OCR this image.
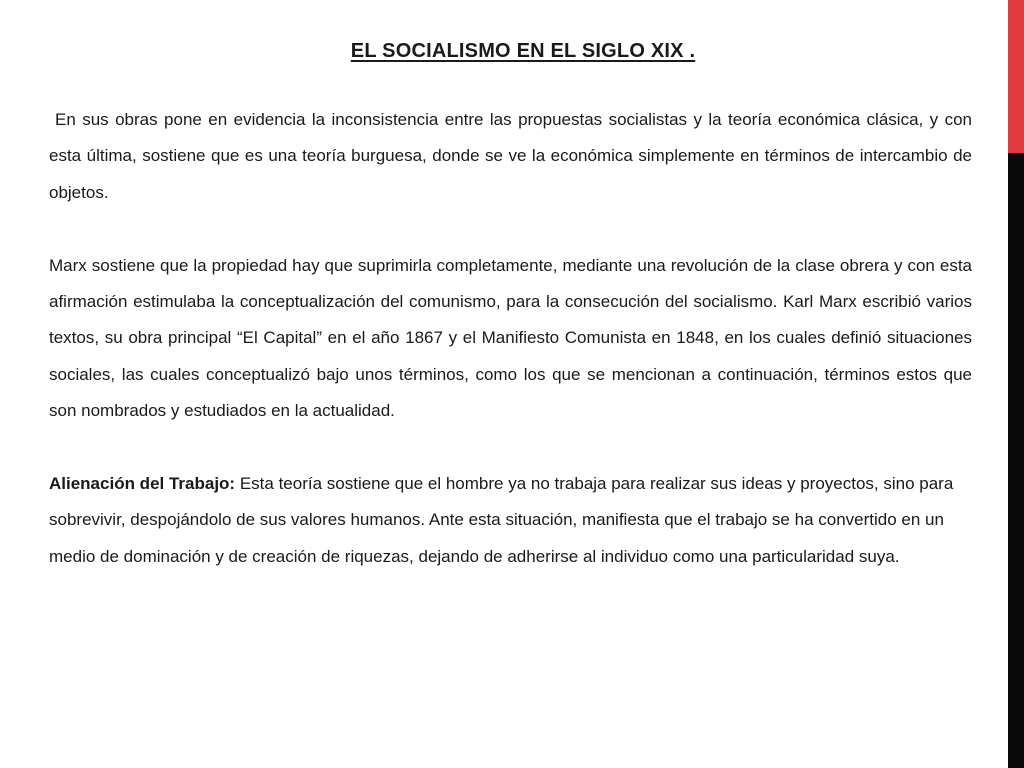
EL SOCIALISMO EN EL SIGLO XIX .

En sus obras pone en evidencia la inconsistencia entre las propuestas socialistas y la teoría económica clásica, y con esta última, sostiene que es una teoría burguesa, donde se ve la económica simplemente en términos de intercambio de objetos.

Marx sostiene que la propiedad hay que suprimirla completamente, mediante una revolución de la clase obrera y con esta afirmación estimulaba la conceptualización del comunismo, para la consecución del socialismo. Karl Marx escribió varios textos, su obra principal “El Capital” en el año 1867 y el Manifiesto Comunista en 1848, en los cuales definió situaciones sociales, las cuales conceptualizó bajo unos términos, como los que se mencionan a continuación, términos estos que son nombrados y estudiados en la actualidad.

Alienación del Trabajo: Esta teoría sostiene que el hombre ya no trabaja para realizar sus ideas y proyectos, sino para sobrevivir, despojándolo de sus valores humanos. Ante esta situación, manifiesta que el trabajo se ha convertido en un medio de dominación y de creación de riquezas, dejando de adherirse al individuo como una particularidad suya.
